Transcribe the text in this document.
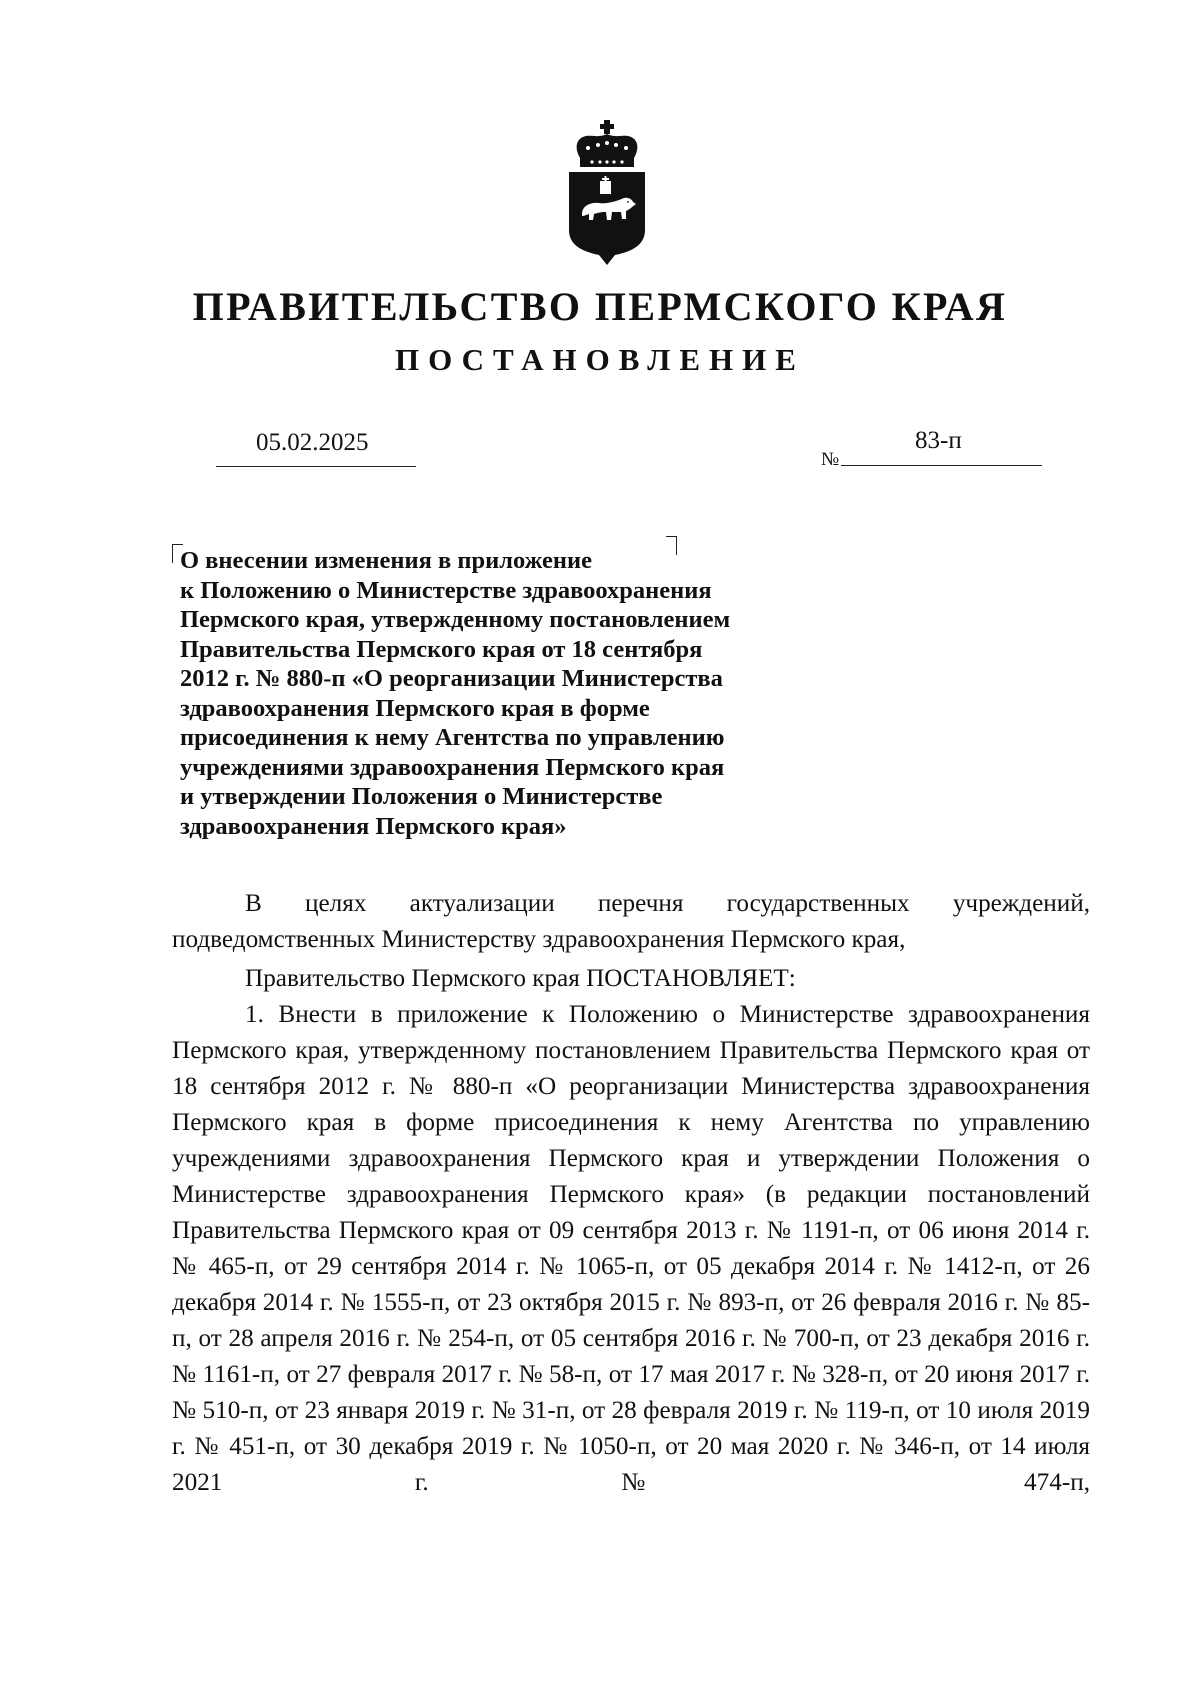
ПРАВИТЕЛЬСТВО ПЕРМСКОГО КРАЯ
ПОСТАНОВЛЕНИЕ
05.02.2025
№
83-п
О внесении изменения в приложение
к Положению о Министерстве здравоохранения
Пермского края, утвержденному постановлением
Правительства Пермского края от 18 сентября
2012 г. № 880-п «О реорганизации Министерства
здравоохранения Пермского края в форме
присоединения к нему Агентства по управлению
учреждениями здравоохранения Пермского края
и утверждении Положения о Министерстве
здравоохранения Пермского края»

В целях актуализации перечня государственных учреждений, подведомственных Министерству здравоохранения Пермского края,

Правительство Пермского края ПОСТАНОВЛЯЕТ:

1. Внести в приложение к Положению о Министерстве здравоохранения Пермского края, утвержденному постановлением Правительства Пермского края от 18 сентября 2012 г. № 880-п «О реорганизации Министерства здравоохранения Пермского края в форме присоединения к нему Агентства по управлению учреждениями здравоохранения Пермского края и утверждении Положения о Министерстве здравоохранения Пермского края» (в редакции постановлений Правительства Пермского края от 09 сентября 2013 г. № 1191-п, от 06 июня 2014 г. № 465-п, от 29 сентября 2014 г. № 1065-п, от 05 декабря 2014 г. № 1412-п, от 26 декабря 2014 г. № 1555-п, от 23 октября 2015 г. № 893-п, от 26 февраля 2016 г. № 85-п, от 28 апреля 2016 г. № 254-п, от 05 сентября 2016 г. № 700-п, от 23 декабря 2016 г. № 1161-п, от 27 февраля 2017 г. № 58-п, от 17 мая 2017 г. № 328-п, от 20 июня 2017 г. № 510-п, от 23 января 2019 г. № 31-п, от 28 февраля 2019 г. № 119-п, от 10 июля 2019 г. № 451-п, от 30 декабря 2019 г. № 1050-п, от 20 мая 2020 г. № 346-п, от 14 июля 2021 г. № 474-п,
